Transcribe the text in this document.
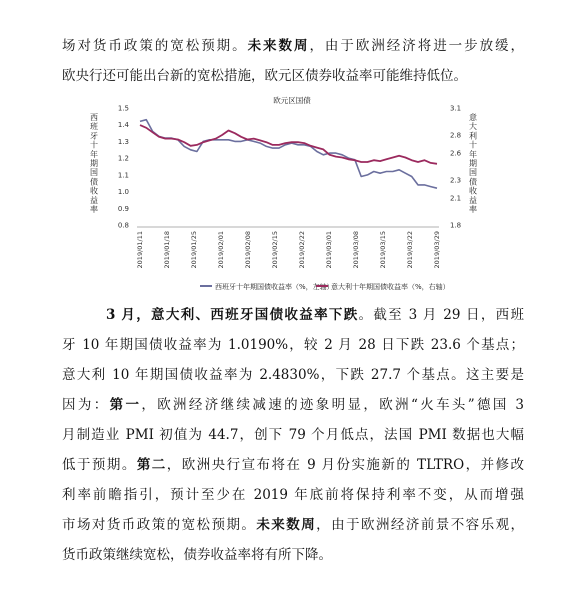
场对货币政策的宽松预期。未来数周，由于欧洲经济将进一步放缓，
欧央行还可能出台新的宽松措施，欧元区债券收益率可能维持低位。
欧元区国债
1.5
1.4
1.3
1.2
1.1
1.0
0.9
0.8
3.1
2.8
2.6
2.3
2.1
1.8
意
大
利
十
年
期
国
债
收
益
率
西
班
牙
十
年
期
国
债
收
益
率
2019/01/11	2019/01/18	2019/01/25	2019/02/01	2019/02/08	2019/02/15	2019/02/22	2019/03/01	2019/03/08	2019/03/15	2019/03/22	2019/03/29
西班牙十年期国债收益率（%，左轴）
意大利十年期国债收益率（%，右轴）
3 月，意大利、西班牙国债收益率下跌。截至 3 月 29 日，西班
牙 10 年期国债收益率为 1.0190%，较 2 月 28 日下跌 23.6 个基点；
意大利 10 年期国债收益率为 2.4830%，下跌 27.7 个基点。这主要是
因为：第一，欧洲经济继续减速的迹象明显，欧洲“火车头”德国 3
月制造业 PMI 初值为 44.7，创下 79 个月低点，法国 PMI 数据也大幅
低于预期。第二，欧洲央行宣布将在 9 月份实施新的 TLTRO，并修改
利率前瞻指引，预计至少在 2019 年底前将保持利率不变，从而增强
市场对货币政策的宽松预期。未来数周，由于欧洲经济前景不容乐观，
货币政策继续宽松，债券收益率将有所下降。
